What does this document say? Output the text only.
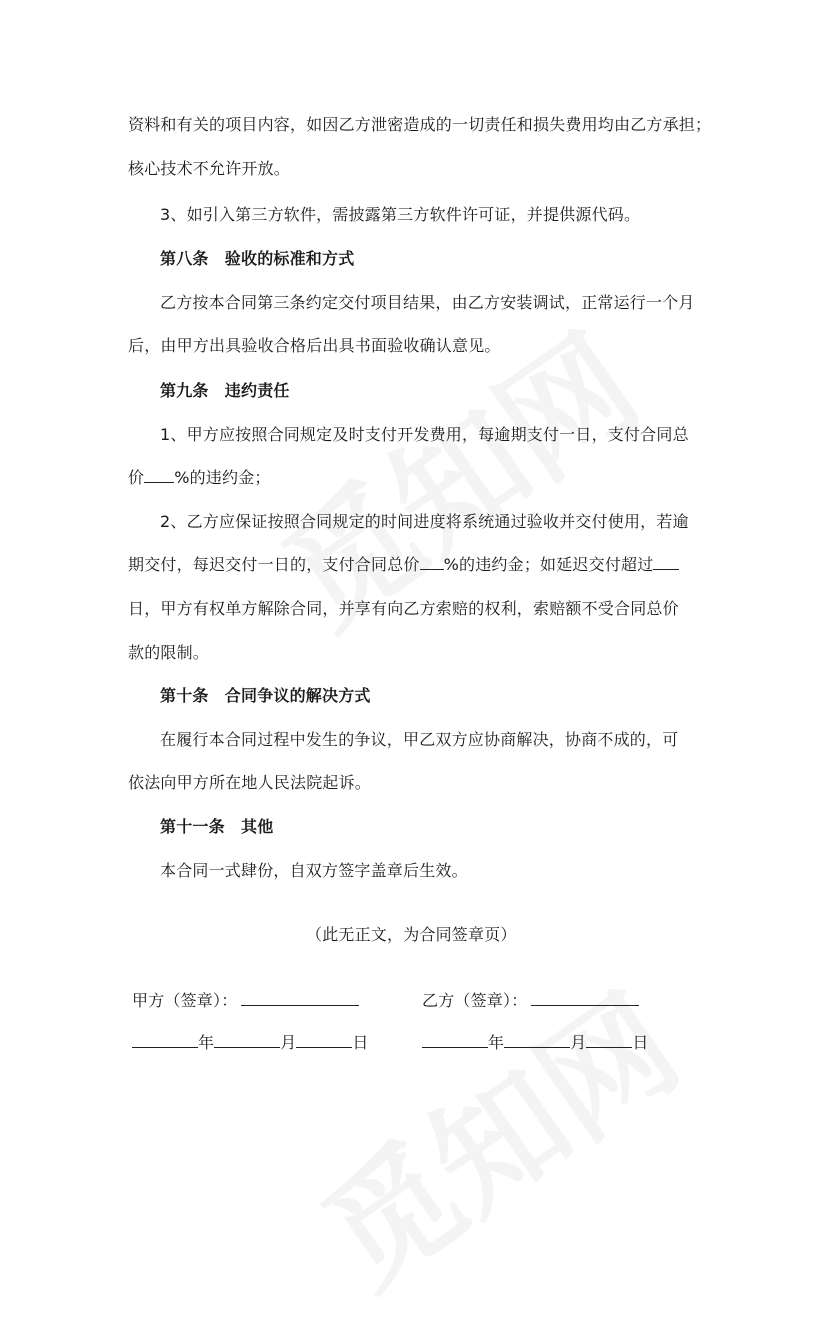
资料和有关的项目内容，如因乙方泄密造成的一切责任和损失费用均由乙方承担；
核心技术不允许开放。
3、如引入第三方软件，需披露第三方软件许可证，并提供源代码。
第八条　验收的标准和方式
乙方按本合同第三条约定交付项目结果，由乙方安装调试，正常运行一个月
后，由甲方出具验收合格后出具书面验收确认意见。
第九条　违约责任
1、甲方应按照合同规定及时支付开发费用，每逾期支付一日，支付合同总
价 %的违约金；
2、乙方应保证按照合同规定的时间进度将系统通过验收并交付使用，若逾
期交付，每迟交付一日的，支付合同总价 %的违约金；如延迟交付超过
日，甲方有权单方解除合同，并享有向乙方索赔的权利，索赔额不受合同总价
款的限制。
第十条　合同争议的解决方式
在履行本合同过程中发生的争议，甲乙双方应协商解决，协商不成的，可
依法向甲方所在地人民法院起诉。
第十一条　其他
本合同一式肆份，自双方签字盖章后生效。
（此无正文，为合同签章页）
甲方（签章）：	乙方（签章）：
年	月	日	年	月	日
